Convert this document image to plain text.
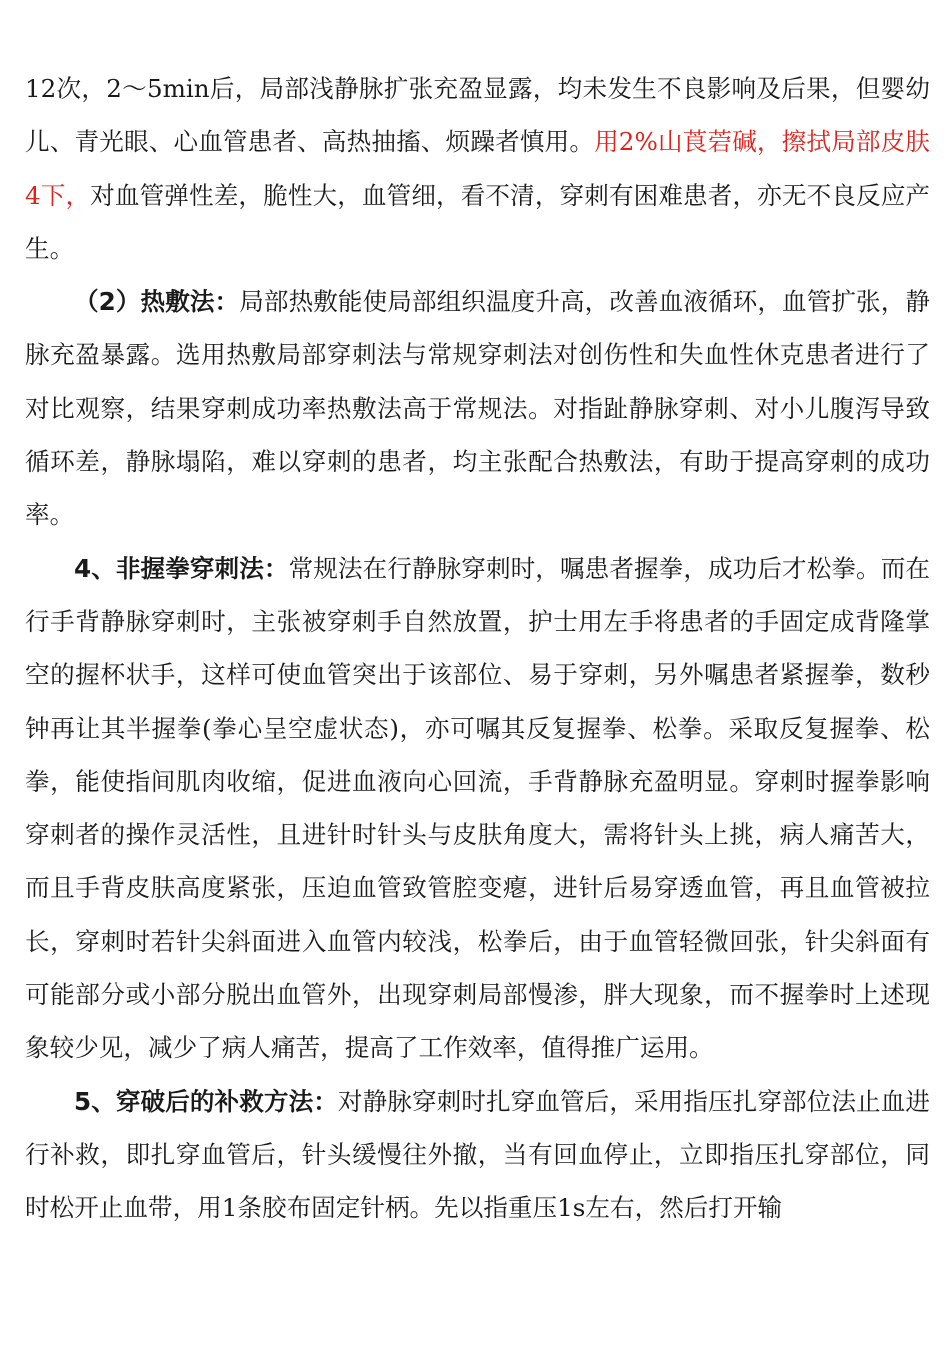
12次，2～5min后，局部浅静脉扩张充盈显露，均未发生不良影响及后果，但婴幼儿、青光眼、心血管患者、高热抽搐、烦躁者慎用。用2%山莨菪碱，擦拭局部皮肤4下，对血管弹性差，脆性大，血管细，看不清，穿刺有困难患者，亦无不良反应产生。

（2）热敷法：局部热敷能使局部组织温度升高，改善血液循环，血管扩张，静脉充盈暴露。选用热敷局部穿刺法与常规穿刺法对创伤性和失血性休克患者进行了对比观察，结果穿刺成功率热敷法高于常规法。对指趾静脉穿刺、对小儿腹泻导致循环差，静脉塌陷，难以穿刺的患者，均主张配合热敷法，有助于提高穿刺的成功率。

4、非握拳穿刺法：常规法在行静脉穿刺时，嘱患者握拳，成功后才松拳。而在行手背静脉穿刺时，主张被穿刺手自然放置，护士用左手将患者的手固定成背隆掌空的握杯状手，这样可使血管突出于该部位、易于穿刺，另外嘱患者紧握拳，数秒钟再让其半握拳(拳心呈空虚状态)，亦可嘱其反复握拳、松拳。采取反复握拳、松拳，能使指间肌肉收缩，促进血液向心回流，手背静脉充盈明显。穿刺时握拳影响穿刺者的操作灵活性，且进针时针头与皮肤角度大，需将针头上挑，病人痛苦大，而且手背皮肤高度紧张，压迫血管致管腔变瘪，进针后易穿透血管，再且血管被拉长，穿刺时若针尖斜面进入血管内较浅，松拳后，由于血管轻微回张，针尖斜面有可能部分或小部分脱出血管外，出现穿刺局部慢渗，胖大现象，而不握拳时上述现象较少见，减少了病人痛苦，提高了工作效率，值得推广运用。

5、穿破后的补救方法：对静脉穿刺时扎穿血管后，采用指压扎穿部位法止血进行补救，即扎穿血管后，针头缓慢往外撤，当有回血停止，立即指压扎穿部位，同时松开止血带，用1条胶布固定针柄。先以指重压1s左右，然后打开输
